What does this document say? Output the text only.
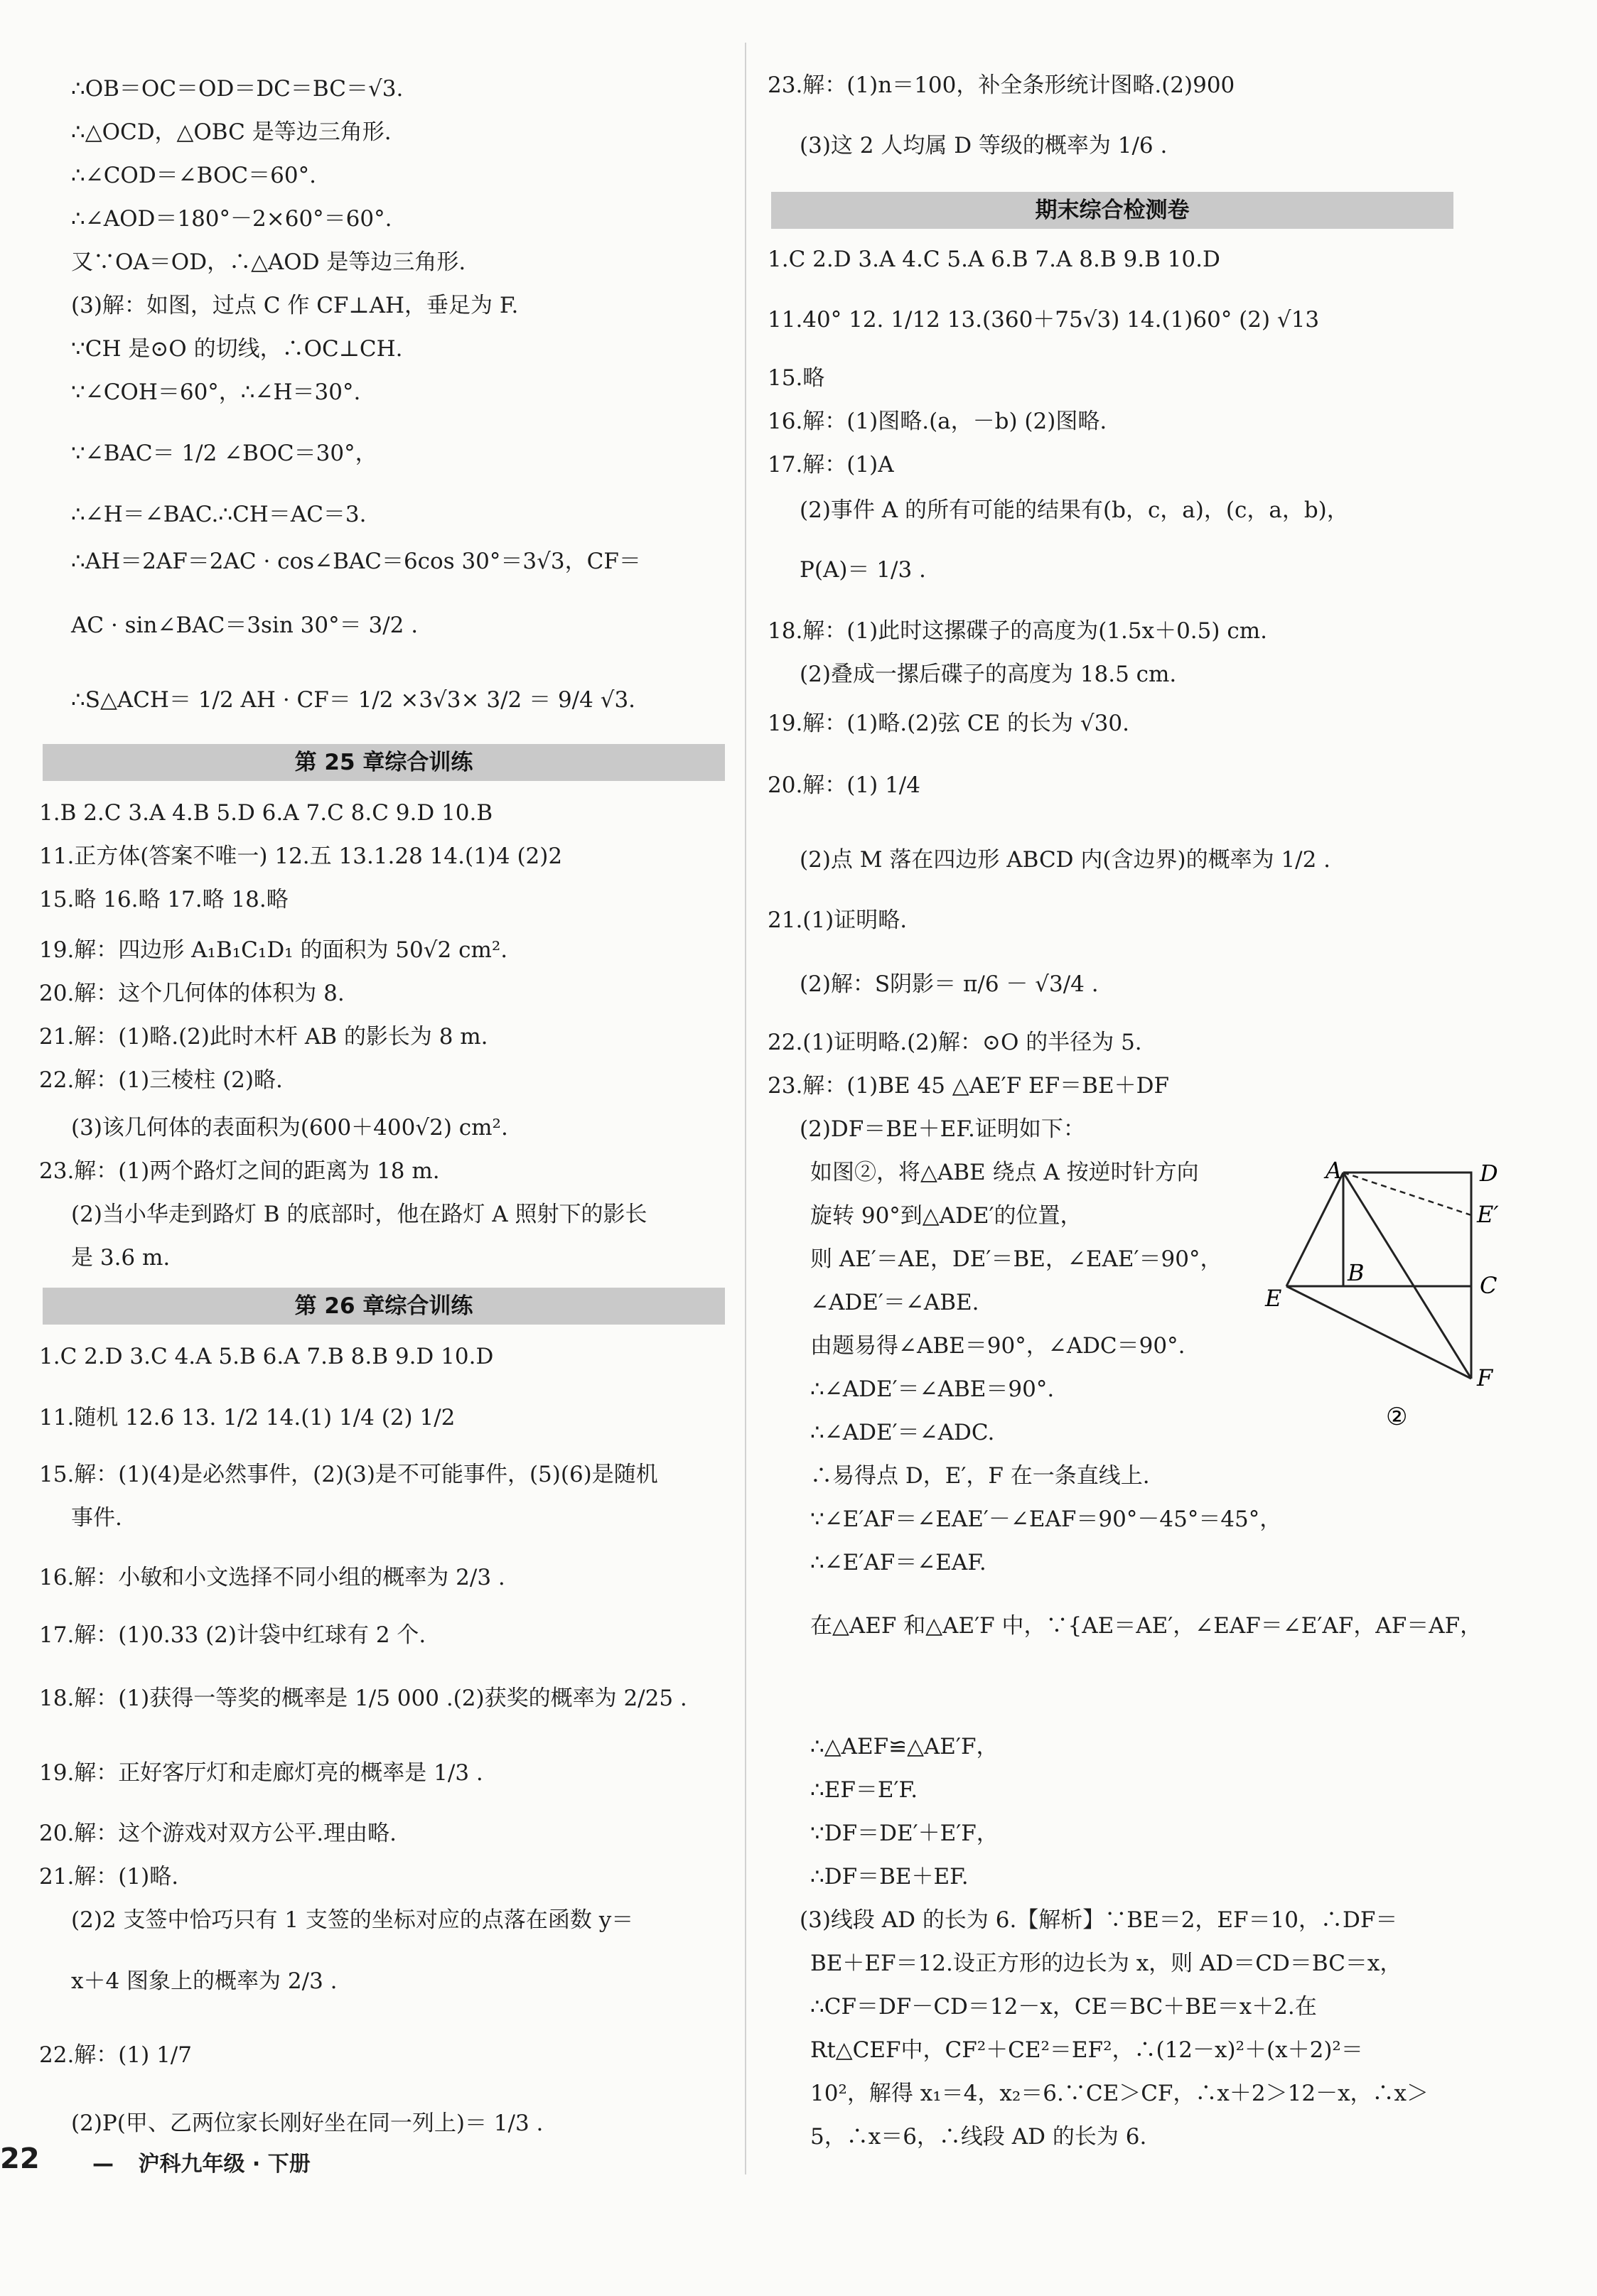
∴OB＝OC＝OD＝DC＝BC＝√3.
∴△OCD，△OBC 是等边三角形.
∴∠COD＝∠BOC＝60°.
∴∠AOD＝180°－2×60°＝60°.
又∵OA＝OD，∴△AOD 是等边三角形.
(3)解：如图，过点 C 作 CF⊥AH，垂足为 F.
∵CH 是⊙O 的切线，∴OC⊥CH.
∵∠COH＝60°，∴∠H＝30°.
∵∠BAC＝ 1/2 ∠BOC＝30°，
∴∠H＝∠BAC.∴CH＝AC＝3.
∴AH＝2AF＝2AC · cos∠BAC＝6cos 30°＝3√3，CF＝
AC · sin∠BAC＝3sin 30°＝ 3/2 .
∴S△ACH＝ 1/2 AH · CF＝ 1/2 ×3√3× 3/2 ＝ 9/4 √3.
第 25 章综合训练
1.B 2.C 3.A 4.B 5.D 6.A 7.C 8.C 9.D 10.B
11.正方体(答案不唯一) 12.五 13.1.28 14.(1)4 (2)2
15.略 16.略 17.略 18.略
19.解：四边形 A₁B₁C₁D₁ 的面积为 50√2 cm².
20.解：这个几何体的体积为 8.
21.解：(1)略.(2)此时木杆 AB 的影长为 8 m.
22.解：(1)三棱柱 (2)略.
(3)该几何体的表面积为(600＋400√2) cm².
23.解：(1)两个路灯之间的距离为 18 m.
(2)当小华走到路灯 B 的底部时，他在路灯 A 照射下的影长
是 3.6 m.
第 26 章综合训练
1.C 2.D 3.C 4.A 5.B 6.A 7.B 8.B 9.D 10.D
11.随机 12.6 13. 1/2 14.(1) 1/4 (2) 1/2
15.解：(1)(4)是必然事件，(2)(3)是不可能事件，(5)(6)是随机
事件.
16.解：小敏和小文选择不同小组的概率为 2/3 .
17.解：(1)0.33 (2)计袋中红球有 2 个.
18.解：(1)获得一等奖的概率是 1/5 000 .(2)获奖的概率为 2/25 .
19.解：正好客厅灯和走廊灯亮的概率是 1/3 .
20.解：这个游戏对双方公平.理由略.
21.解：(1)略.
(2)2 支签中恰巧只有 1 支签的坐标对应的点落在函数 y＝
x＋4 图象上的概率为 2/3 .
22.解：(1) 1/7
(2)P(甲、乙两位家长刚好坐在同一列上)＝ 1/3 .
23.解：(1)n＝100，补全条形统计图略.(2)900
(3)这 2 人均属 D 等级的概率为 1/6 .
期末综合检测卷
1.C 2.D 3.A 4.C 5.A 6.B 7.A 8.B 9.B 10.D
11.40° 12. 1/12 13.(360＋75√3) 14.(1)60° (2) √13
15.略
16.解：(1)图略.(a，－b) (2)图略.
17.解：(1)A
(2)事件 A 的所有可能的结果有(b，c，a)，(c，a，b)，
P(A)＝ 1/3 .
18.解：(1)此时这摞碟子的高度为(1.5x＋0.5) cm.
(2)叠成一摞后碟子的高度为 18.5 cm.
19.解：(1)略.(2)弦 CE 的长为 √30.
20.解：(1) 1/4
(2)点 M 落在四边形 ABCD 内(含边界)的概率为 1/2 .
21.(1)证明略.
(2)解：S阴影＝ π/6 － √3/4 .
22.(1)证明略.(2)解：⊙O 的半径为 5.
23.解：(1)BE 45 △AE′F EF＝BE＋DF
(2)DF＝BE＋EF.证明如下：
如图②，将△ABE 绕点 A 按逆时针方向
旋转 90°到△ADE′的位置，
则 AE′＝AE，DE′＝BE，∠EAE′＝90°，
∠ADE′＝∠ABE.
由题易得∠ABE＝90°，∠ADC＝90°.
∴∠ADE′＝∠ABE＝90°.
∴∠ADE′＝∠ADC.
∴易得点 D，E′，F 在一条直线上.
∵∠E′AF＝∠EAE′－∠EAF＝90°－45°＝45°，
∴∠E′AF＝∠EAF.
在△AEF 和△AE′F 中，∵{AE＝AE′，∠EAF＝∠E′AF，AF＝AF，
∴△AEF≌△AE′F，
∴EF＝E′F.
∵DF＝DE′＋E′F，
∴DF＝BE＋EF.
(3)线段 AD 的长为 6.【解析】∵BE＝2，EF＝10，∴DF＝
BE＋EF＝12.设正方形的边长为 x，则 AD＝CD＝BC＝x，
∴CF＝DF－CD＝12－x，CE＝BC＋BE＝x＋2.在
Rt△CEF中，CF²＋CE²＝EF²，∴(12－x)²＋(x＋2)²＝
10²，解得 x₁＝4，x₂＝6.∵CE＞CF，∴x＋2＞12－x，∴x＞
5，∴x＝6，∴线段 AD 的长为 6.
A	D
E′
B	C
E
F
②
22 — 沪科九年级 · 下册
